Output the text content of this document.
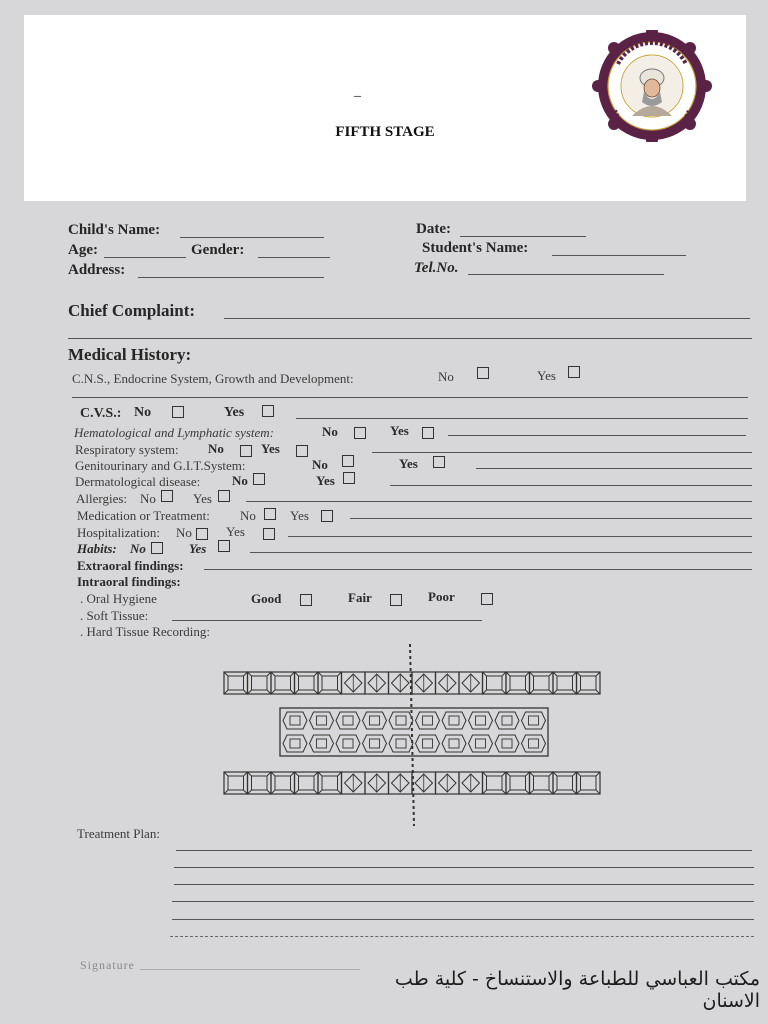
_
FIFTH STAGE
Child's Name:	Date:
Age:	Gender:	Student's Name:
Address:	Tel.No.
Chief Complaint:
Medical History:
C.N.S., Endocrine System, Growth and Development:	No	Yes
C.V.S.: No	Yes
Hematological and Lymphatic system:	No	Yes
Respiratory system: No	Yes
Genitourinary and G.I.T.System:	No	Yes
Dermatological disease: No	Yes
Allergies: No	Yes
Medication or Treatment: No	Yes
Hospitalization: No	Yes
Habits: No	Yes
Extraoral findings:
Intraoral findings:
. Oral Hygiene	Good	Fair	Poor
. Soft Tissue:
. Hard Tissue Recording:
Treatment Plan:
Signature
مكتب العباسي للطباعة والاستنساخ - كلية طب الاسنان
